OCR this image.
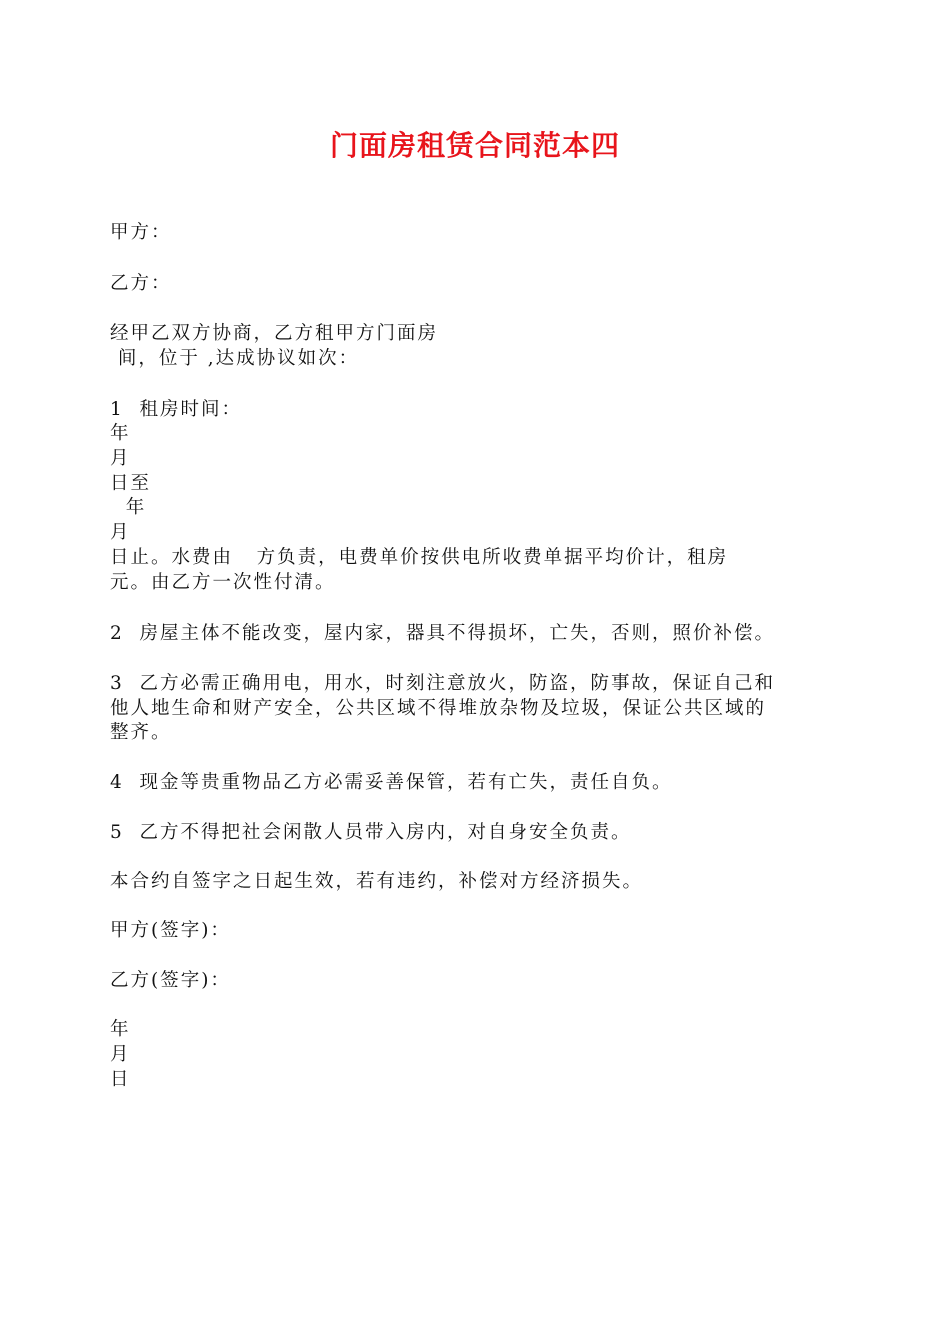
门面房租赁合同范本四
甲方：
乙方：
经甲乙双方协商，乙方租甲方门面房
间，位于 ,达成协议如次：
1  租房时间：
年
月
日至
年
月
日止。水费由   方负责，电费单价按供电所收费单据平均价计，租房
元。由乙方一次性付清。
2  房屋主体不能改变，屋内家，器具不得损坏，亡失，否则，照价补偿。
3  乙方必需正确用电，用水，时刻注意放火，防盗，防事故，保证自己和
他人地生命和财产安全，公共区域不得堆放杂物及垃圾，保证公共区域的
整齐。
4  现金等贵重物品乙方必需妥善保管，若有亡失，责任自负。
5  乙方不得把社会闲散人员带入房内，对自身安全负责。
本合约自签字之日起生效，若有违约，补偿对方经济损失。
甲方(签字)：
乙方(签字)：
年
月
日
